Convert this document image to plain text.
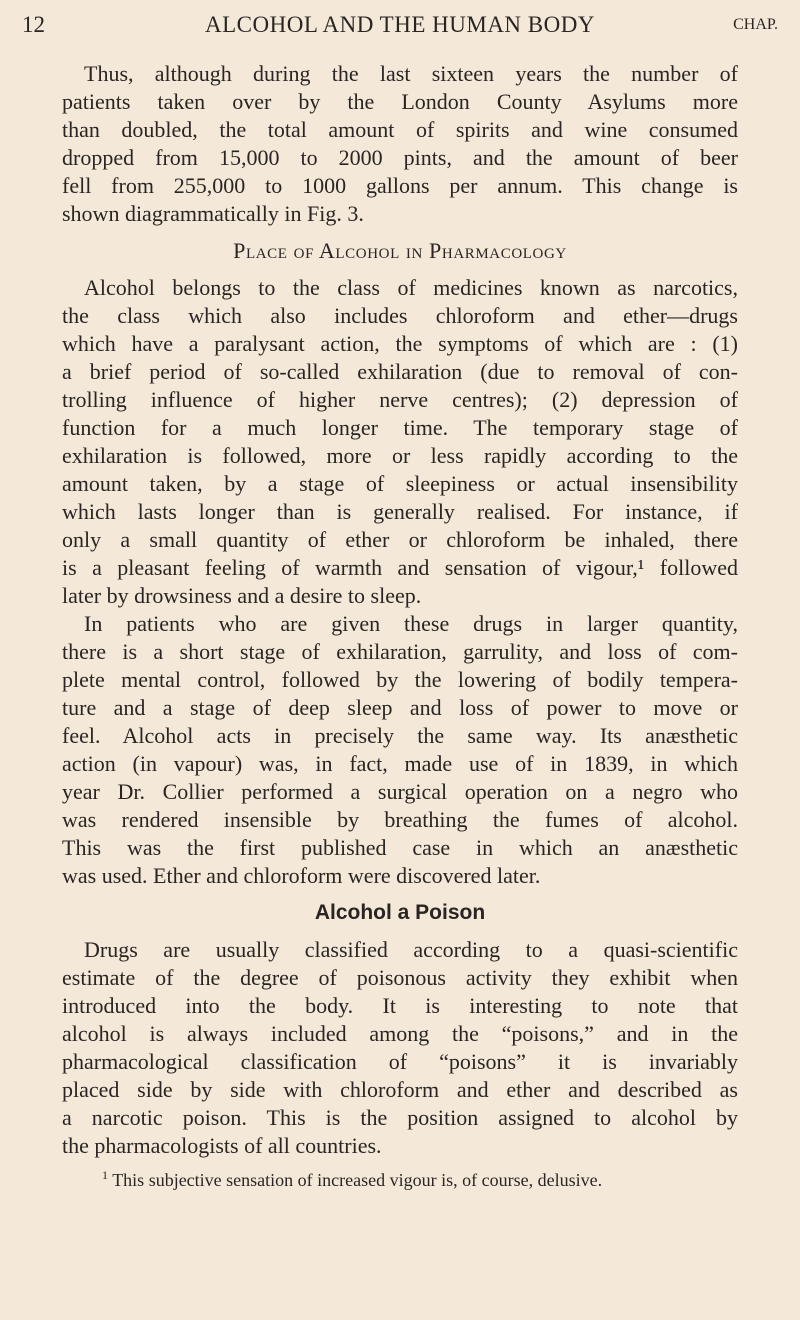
12	ALCOHOL AND THE HUMAN BODY	CHAP.
Thus, although during the last sixteen years the number of
patients taken over by the London County Asylums more
than doubled, the total amount of spirits and wine consumed
dropped from 15,000 to 2000 pints, and the amount of beer
fell from 255,000 to 1000 gallons per annum. This change is
shown diagrammatically in Fig. 3.
Place of Alcohol in Pharmacology
Alcohol belongs to the class of medicines known as narcotics,
the class which also includes chloroform and ether—drugs
which have a paralysant action, the symptoms of which are : (1)
a brief period of so-called exhilaration (due to removal of con-
trolling influence of higher nerve centres); (2) depression of
function for a much longer time. The temporary stage of
exhilaration is followed, more or less rapidly according to the
amount taken, by a stage of sleepiness or actual insensibility
which lasts longer than is generally realised. For instance, if
only a small quantity of ether or chloroform be inhaled, there
is a pleasant feeling of warmth and sensation of vigour,¹ followed
later by drowsiness and a desire to sleep.
In patients who are given these drugs in larger quantity,
there is a short stage of exhilaration, garrulity, and loss of com-
plete mental control, followed by the lowering of bodily tempera-
ture and a stage of deep sleep and loss of power to move or
feel. Alcohol acts in precisely the same way. Its anæsthetic
action (in vapour) was, in fact, made use of in 1839, in which
year Dr. Collier performed a surgical operation on a negro who
was rendered insensible by breathing the fumes of alcohol.
This was the first published case in which an anæsthetic
was used. Ether and chloroform were discovered later.
Alcohol a Poison
Drugs are usually classified according to a quasi-scientific
estimate of the degree of poisonous activity they exhibit when
introduced into the body. It is interesting to note that
alcohol is always included among the “poisons,” and in the
pharmacological classification of “poisons” it is invariably
placed side by side with chloroform and ether and described as
a narcotic poison. This is the position assigned to alcohol by
the pharmacologists of all countries.
$^1$ This subjective sensation of increased vigour is, of course, delusive.
